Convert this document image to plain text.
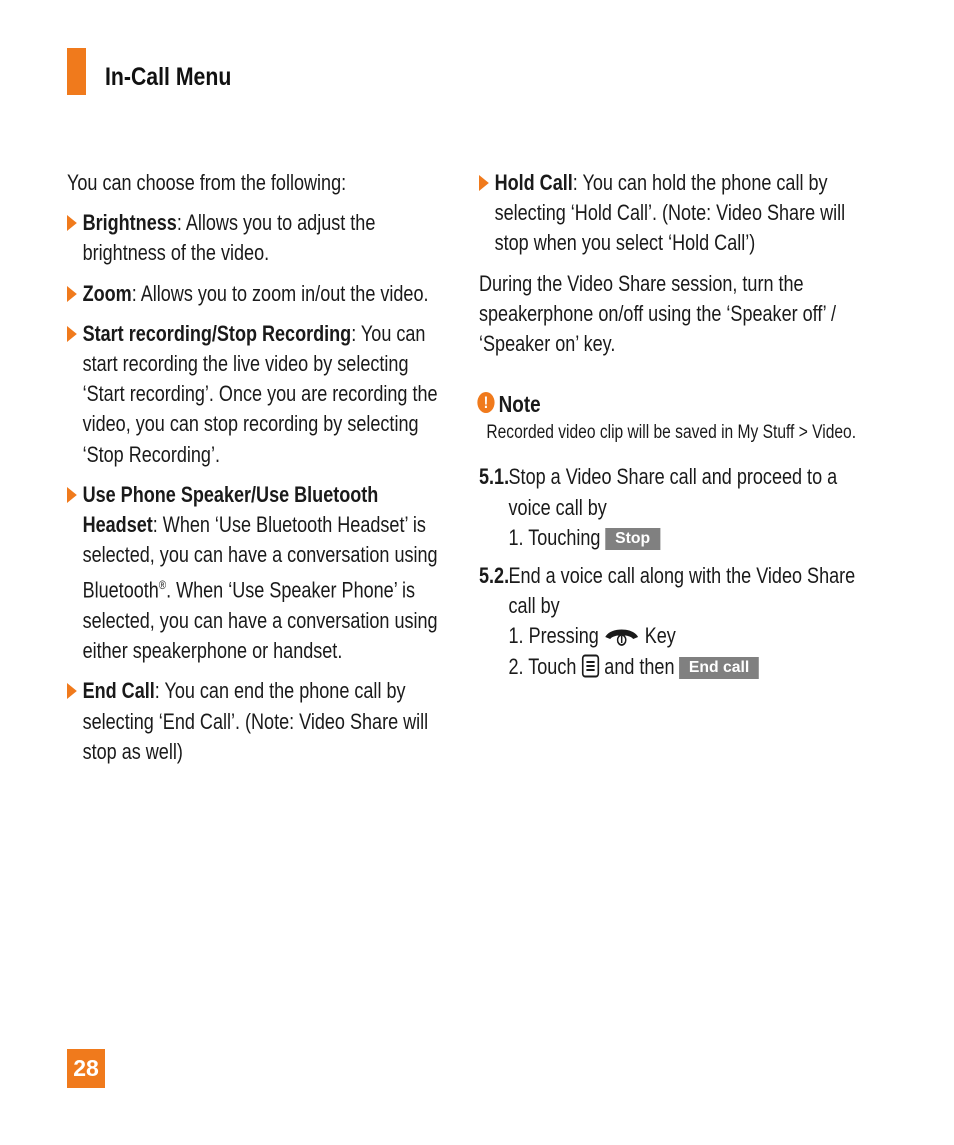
In-Call Menu

You can choose from the following:

Brightness: Allows you to adjust the brightness of the video.
Zoom: Allows you to zoom in/out the video.
Start recording/Stop Recording: You can start recording the live video by selecting ‘Start recording’. Once you are recording the video, you can stop recording by selecting ‘Stop Recording’.
Use Phone Speaker/Use Bluetooth Headset: When ‘Use Bluetooth Headset’ is selected, you can have a conversation using Bluetooth®. When ‘Use Speaker Phone’ is selected, you can have a conversation using either speakerphone or handset.
End Call: You can end the phone call by selecting ‘End Call’. (Note: Video Share will stop as well)
Hold Call: You can hold the phone call by selecting ‘Hold Call’. (Note: Video Share will stop when you select ‘Hold Call’)

During the Video Share session, turn the speakerphone on/off using the ‘Speaker off’ / ‘Speaker on’ key.

! Note

Recorded video clip will be saved in My Stuff > Video.

5.1. Stop a Video Share call and proceed to a voice call by
1. Touching Stop
5.2. End a voice call along with the Video Share call by
1. Pressing Key
2. Touch and then End call
28
